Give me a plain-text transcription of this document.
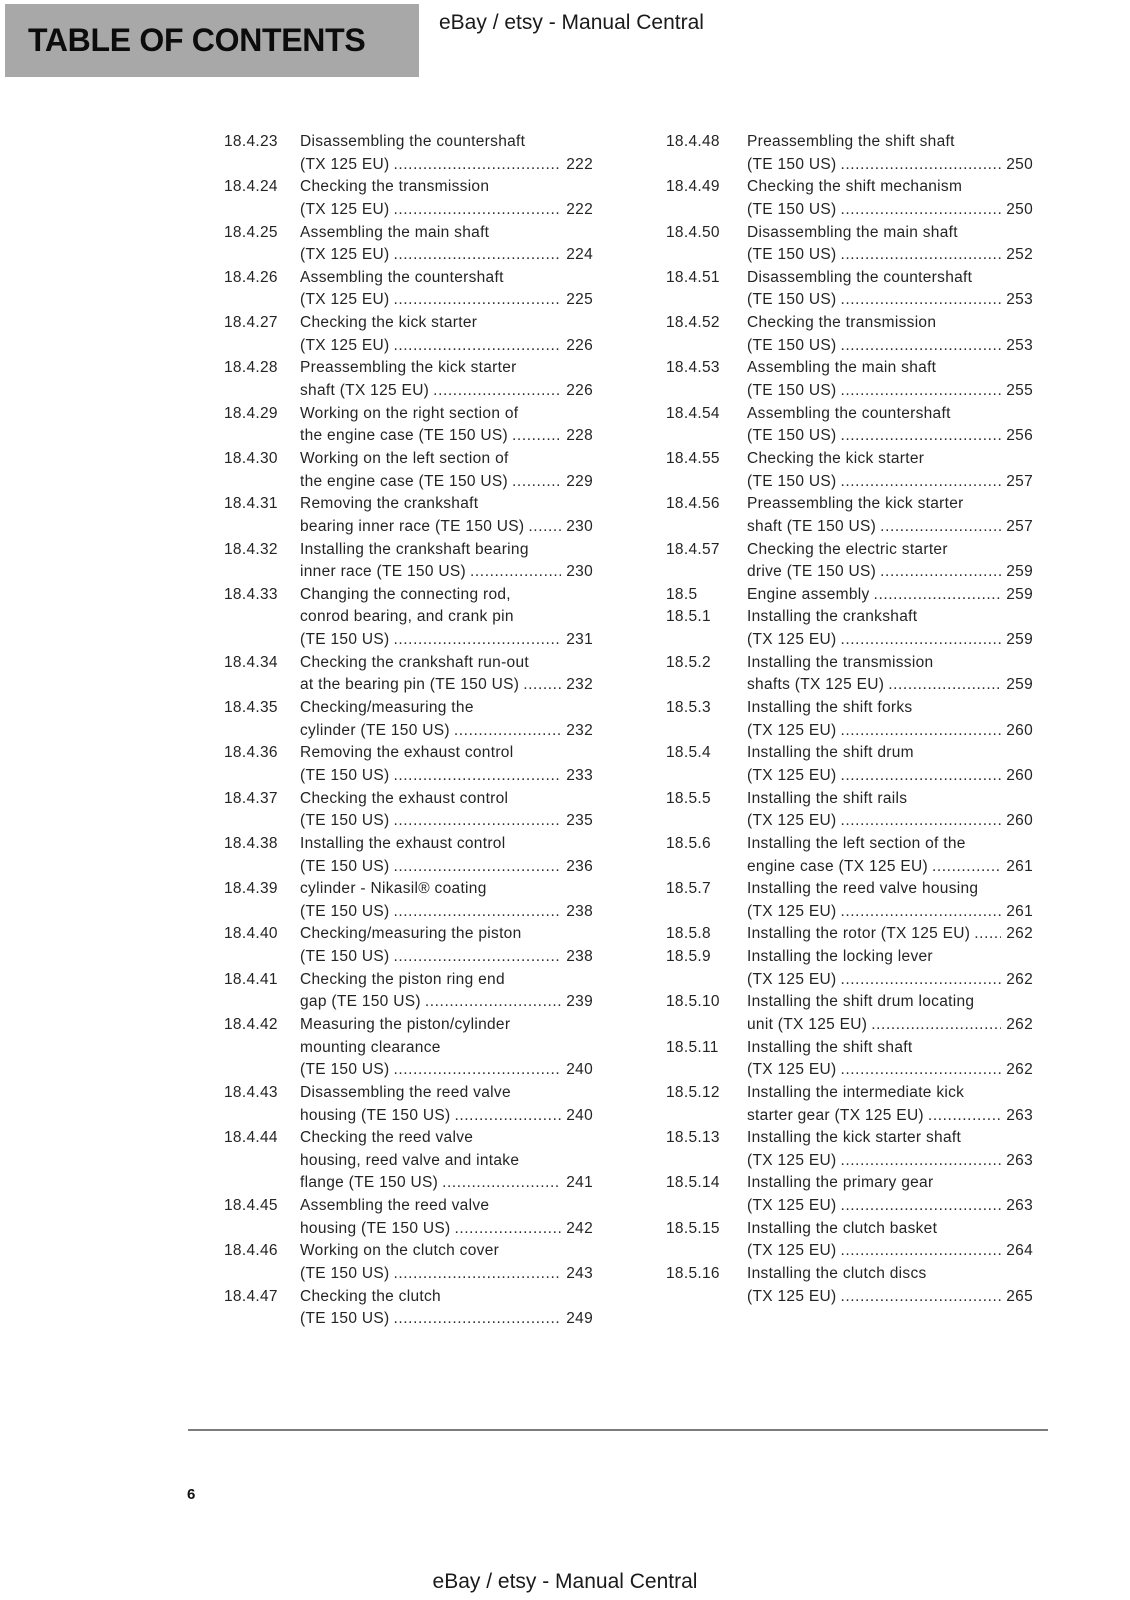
TABLE OF CONTENTS	eBay / etsy - Manual Central
18.4.23	Disassembling the countershaft
(TX 125 EU) .....	222
18.4.24	Checking the transmission
(TX 125 EU) .....	222
18.4.25	Assembling the main shaft
(TX 125 EU) .....	224
18.4.26	Assembling the countershaft
(TX 125 EU) .....	225
18.4.27	Checking the kick starter
(TX 125 EU) .....	226
18.4.28	Preassembling the kick starter
shaft (TX 125 EU) .....	226
18.4.29	Working on the right section of
the engine case (TE 150 US) .....	228
18.4.30	Working on the left section of
the engine case (TE 150 US) .....	229
18.4.31	Removing the crankshaft
bearing inner race (TE 150 US) .....	230
18.4.32	Installing the crankshaft bearing
inner race (TE 150 US) .....	230
18.4.33	Changing the connecting rod,
conrod bearing, and crank pin
(TE 150 US) .....	231
18.4.34	Checking the crankshaft run-out
at the bearing pin (TE 150 US) .....	232
18.4.35	Checking/measuring the
cylinder (TE 150 US) .....	232
18.4.36	Removing the exhaust control
(TE 150 US) .....	233
18.4.37	Checking the exhaust control
(TE 150 US) .....	235
18.4.38	Installing the exhaust control
(TE 150 US) .....	236
18.4.39	cylinder - Nikasil® coating
(TE 150 US) .....	238
18.4.40	Checking/measuring the piston
(TE 150 US) .....	238
18.4.41	Checking the piston ring end
gap (TE 150 US) .....	239
18.4.42	Measuring the piston/cylinder
mounting clearance
(TE 150 US) .....	240
18.4.43	Disassembling the reed valve
housing (TE 150 US) .....	240
18.4.44	Checking the reed valve
housing, reed valve and intake
flange (TE 150 US) .....	241
18.4.45	Assembling the reed valve
housing (TE 150 US) .....	242
18.4.46	Working on the clutch cover
(TE 150 US) .....	243
18.4.47	Checking the clutch
(TE 150 US) .....	249
18.4.48	Preassembling the shift shaft
(TE 150 US) .....	250
18.4.49	Checking the shift mechanism
(TE 150 US) .....	250
18.4.50	Disassembling the main shaft
(TE 150 US) .....	252
18.4.51	Disassembling the countershaft
(TE 150 US) .....	253
18.4.52	Checking the transmission
(TE 150 US) .....	253
18.4.53	Assembling the main shaft
(TE 150 US) .....	255
18.4.54	Assembling the countershaft
(TE 150 US) .....	256
18.4.55	Checking the kick starter
(TE 150 US) .....	257
18.4.56	Preassembling the kick starter
shaft (TE 150 US) .....	257
18.4.57	Checking the electric starter
drive (TE 150 US) .....	259
18.5	Engine assembly .....	259
18.5.1	Installing the crankshaft
(TX 125 EU) .....	259
18.5.2	Installing the transmission
shafts (TX 125 EU) .....	259
18.5.3	Installing the shift forks
(TX 125 EU) .....	260
18.5.4	Installing the shift drum
(TX 125 EU) .....	260
18.5.5	Installing the shift rails
(TX 125 EU) .....	260
18.5.6	Installing the left section of the
engine case (TX 125 EU) .....	261
18.5.7	Installing the reed valve housing
(TX 125 EU) .....	261
18.5.8	Installing the rotor (TX 125 EU) ..... 262
18.5.9	Installing the locking lever
(TX 125 EU) .....	262
18.5.10	Installing the shift drum locating
unit (TX 125 EU) .....	262
18.5.11	Installing the shift shaft
(TX 125 EU) .....	262
18.5.12	Installing the intermediate kick
starter gear (TX 125 EU) .....	263
18.5.13	Installing the kick starter shaft
(TX 125 EU) .....	263
18.5.14	Installing the primary gear
(TX 125 EU) .....	263
18.5.15	Installing the clutch basket
(TX 125 EU) .....	264
18.5.16	Installing the clutch discs
(TX 125 EU) .....	265
6
eBay / etsy - Manual Central
